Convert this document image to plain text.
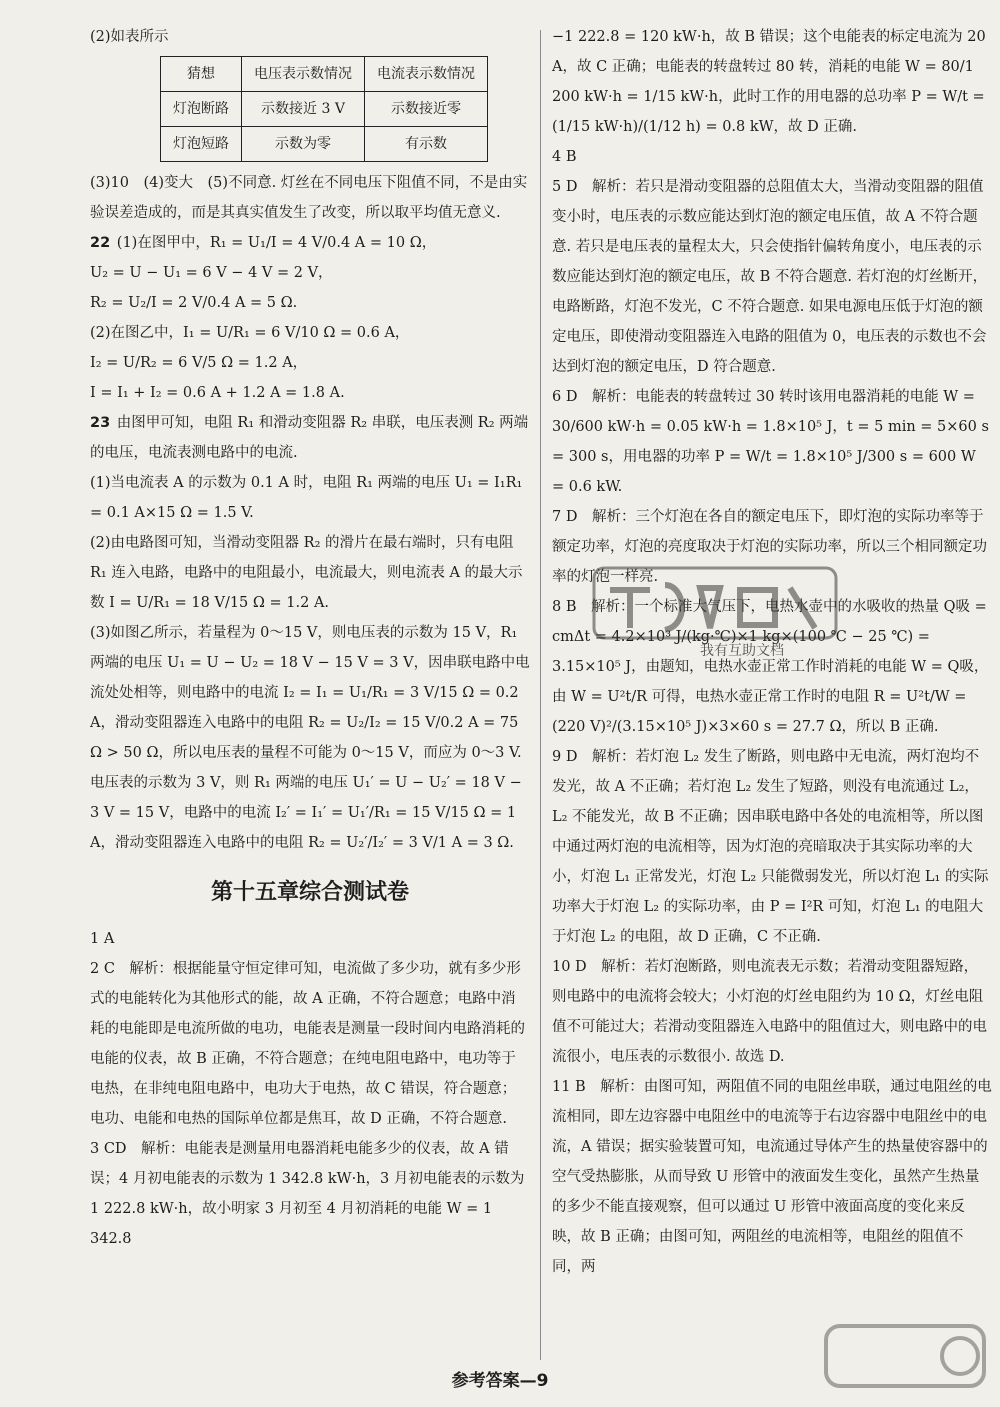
(2)如表所示

猜想	电压表示数情况	电流表示数情况
灯泡断路	示数接近 3 V	示数接近零
灯泡短路	示数为零	有示数

(3)10　(4)变大　(5)不同意. 灯丝在不同电压下阻值不同，不是由实验误差造成的，而是其真实值发生了改变，所以取平均值无意义.

22 (1)在图甲中，R₁ = U₁/I = 4 V/0.4 A = 10 Ω，

U₂ = U − U₁ = 6 V − 4 V = 2 V，

R₂ = U₂/I = 2 V/0.4 A = 5 Ω.

(2)在图乙中，I₁ = U/R₁ = 6 V/10 Ω = 0.6 A，

I₂ = U/R₂ = 6 V/5 Ω = 1.2 A，

I = I₁ + I₂ = 0.6 A + 1.2 A = 1.8 A.

23 由图甲可知，电阻 R₁ 和滑动变阻器 R₂ 串联，电压表测 R₂ 两端的电压，电流表测电路中的电流.

(1)当电流表 A 的示数为 0.1 A 时，电阻 R₁ 两端的电压 U₁ = I₁R₁ = 0.1 A×15 Ω = 1.5 V.

(2)由电路图可知，当滑动变阻器 R₂ 的滑片在最右端时，只有电阻 R₁ 连入电路，电路中的电阻最小，电流最大，则电流表 A 的最大示数 I = U/R₁ = 18 V/15 Ω = 1.2 A.

(3)如图乙所示，若量程为 0～15 V，则电压表的示数为 15 V，R₁ 两端的电压 U₁ = U − U₂ = 18 V − 15 V = 3 V，因串联电路中电流处处相等，则电路中的电流 I₂ = I₁ = U₁/R₁ = 3 V/15 Ω = 0.2 A，滑动变阻器连入电路中的电阻 R₂ = U₂/I₂ = 15 V/0.2 A = 75 Ω > 50 Ω，所以电压表的量程不可能为 0～15 V，而应为 0～3 V. 电压表的示数为 3 V，则 R₁ 两端的电压 U₁′ = U − U₂′ = 18 V − 3 V = 15 V，电路中的电流 I₂′ = I₁′ = U₁′/R₁ = 15 V/15 Ω = 1 A，滑动变阻器连入电路中的电阻 R₂ = U₂′/I₂′ = 3 V/1 A = 3 Ω.

第十五章综合测试卷

1 A

2 C　解析：根据能量守恒定律可知，电流做了多少功，就有多少形式的电能转化为其他形式的能，故 A 正确，不符合题意；电路中消耗的电能即是电流所做的电功，电能表是测量一段时间内电路消耗的电能的仪表，故 B 正确，不符合题意；在纯电阻电路中，电功等于电热，在非纯电阻电路中，电功大于电热，故 C 错误，符合题意；电功、电能和电热的国际单位都是焦耳，故 D 正确，不符合题意.

3 CD　解析：电能表是测量用电器消耗电能多少的仪表，故 A 错误；4 月初电能表的示数为 1 342.8 kW·h，3 月初电能表的示数为 1 222.8 kW·h，故小明家 3 月初至 4 月初消耗的电能 W = 1 342.8

−1 222.8 = 120 kW·h，故 B 错误；这个电能表的标定电流为 20 A，故 C 正确；电能表的转盘转过 80 转，消耗的电能 W = 80/1 200 kW·h = 1/15 kW·h，此时工作的用电器的总功率 P = W/t = (1/15 kW·h)/(1/12 h) = 0.8 kW，故 D 正确.

4 B

5 D　解析：若只是滑动变阻器的总阻值太大，当滑动变阻器的阻值变小时，电压表的示数应能达到灯泡的额定电压值，故 A 不符合题意. 若只是电压表的量程太大，只会使指针偏转角度小，电压表的示数应能达到灯泡的额定电压，故 B 不符合题意. 若灯泡的灯丝断开，电路断路，灯泡不发光，C 不符合题意. 如果电源电压低于灯泡的额定电压，即使滑动变阻器连入电路的阻值为 0，电压表的示数也不会达到灯泡的额定电压，D 符合题意.

6 D　解析：电能表的转盘转过 30 转时该用电器消耗的电能 W = 30/600 kW·h = 0.05 kW·h = 1.8×10⁵ J，t = 5 min = 5×60 s = 300 s，用电器的功率 P = W/t = 1.8×10⁵ J/300 s = 600 W = 0.6 kW.

7 D　解析：三个灯泡在各自的额定电压下，即灯泡的实际功率等于额定功率，灯泡的亮度取决于灯泡的实际功率，所以三个相同额定功率的灯泡一样亮.

8 B　解析：一个标准大气压下，电热水壶中的水吸收的热量 Q吸 = cmΔt = 4.2×10³ J/(kg·℃)×1 kg×(100 ℃ − 25 ℃) = 3.15×10⁵ J，由题知，电热水壶正常工作时消耗的电能 W = Q吸，由 W = U²t/R 可得，电热水壶正常工作时的电阻 R = U²t/W = (220 V)²/(3.15×10⁵ J)×3×60 s = 27.7 Ω，所以 B 正确.

9 D　解析：若灯泡 L₂ 发生了断路，则电路中无电流，两灯泡均不发光，故 A 不正确；若灯泡 L₂ 发生了短路，则没有电流通过 L₂，L₂ 不能发光，故 B 不正确；因串联电路中各处的电流相等，所以图中通过两灯泡的电流相等，因为灯泡的亮暗取决于其实际功率的大小，灯泡 L₁ 正常发光，灯泡 L₂ 只能微弱发光，所以灯泡 L₁ 的实际功率大于灯泡 L₂ 的实际功率，由 P = I²R 可知，灯泡 L₁ 的电阻大于灯泡 L₂ 的电阻，故 D 正确，C 不正确.

10 D　解析：若灯泡断路，则电流表无示数；若滑动变阻器短路，则电路中的电流将会较大；小灯泡的灯丝电阻约为 10 Ω，灯丝电阻值不可能过大；若滑动变阻器连入电路中的阻值过大，则电路中的电流很小，电压表的示数很小. 故选 D.

11 B　解析：由图可知，两阻值不同的电阻丝串联，通过电阻丝的电流相同，即左边容器中电阻丝中的电流等于右边容器中电阻丝中的电流，A 错误；据实验装置可知，电流通过导体产生的热量使容器中的空气受热膨胀，从而导致 U 形管中的液面发生变化，虽然产生热量的多少不能直接观察，但可以通过 U 形管中液面高度的变化来反映，故 B 正确；由图可知，两阻丝的电流相等，电阻丝的阻值不同，两

我有互助文档
参考答案—9
